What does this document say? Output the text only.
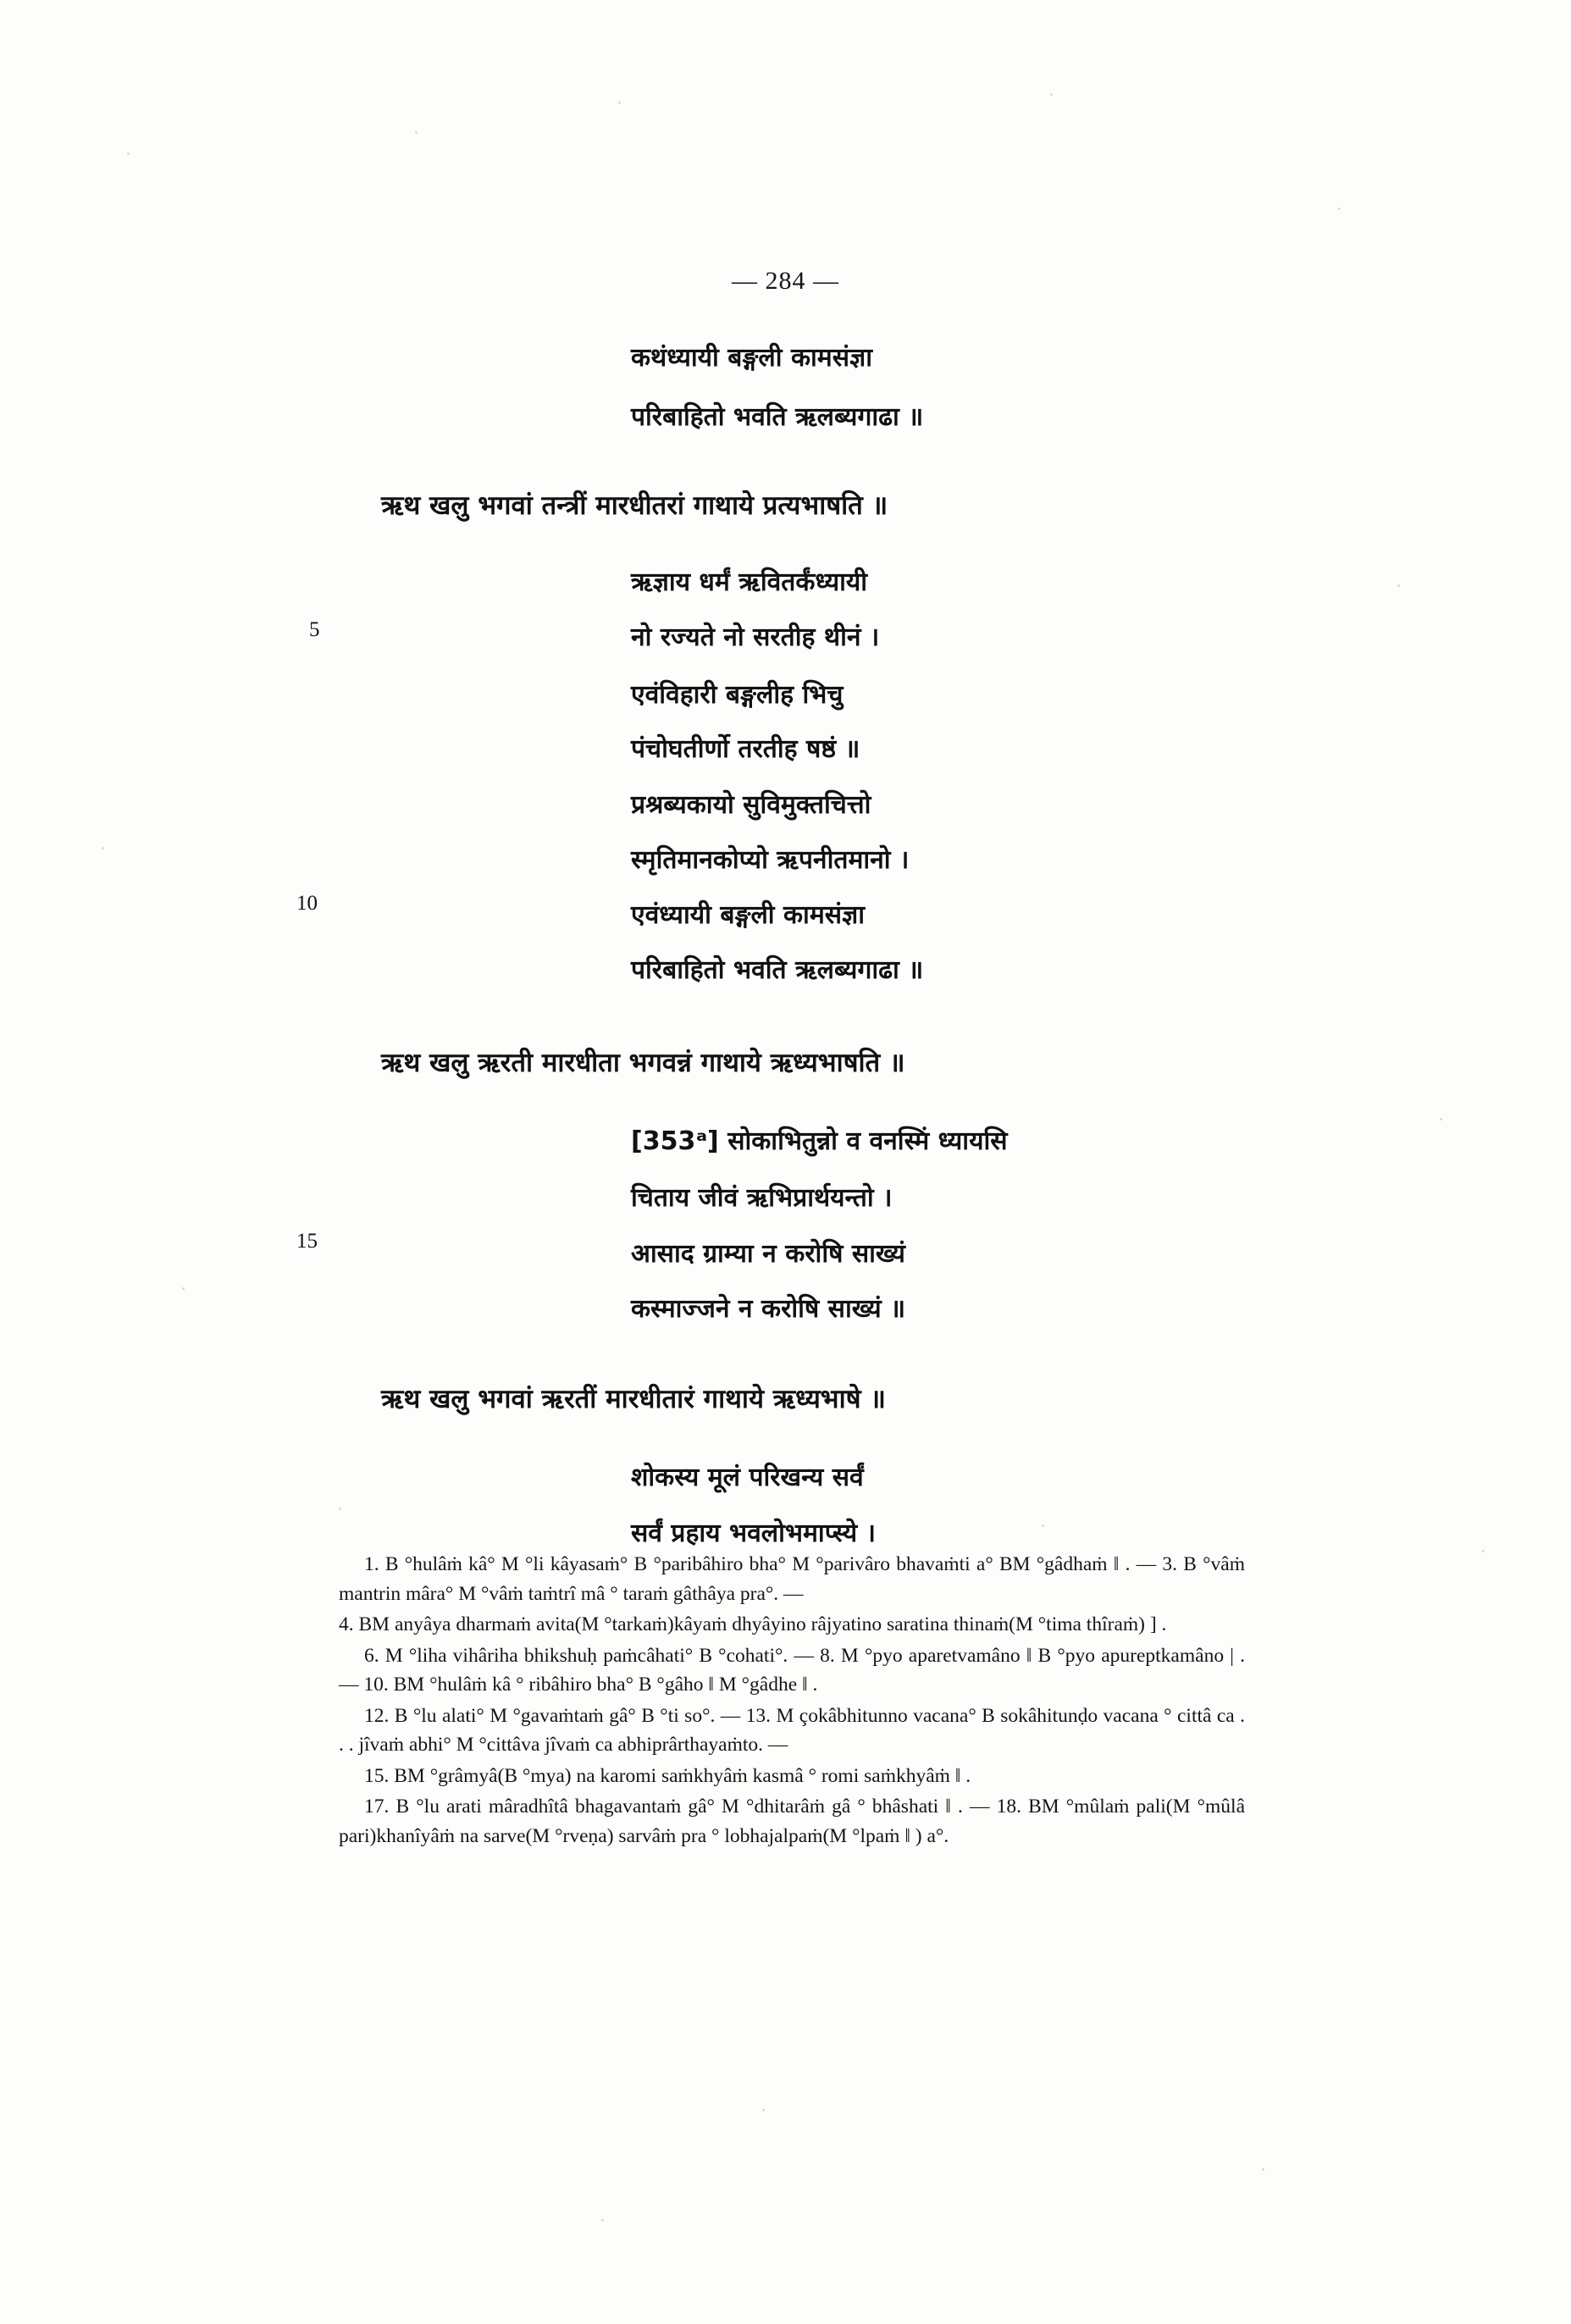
— 284 —
कथंध्यायी बङ्गली कामसंज्ञा
परिबाहितो भवति ऋलब्यगाढा ॥
ऋथ खलु भगवां तन्त्रीं मारधीतरां गाथाये प्रत्यभाषति ॥
ऋज्ञाय धर्मं ऋवितर्कंध्यायी
नो रज्यते नो सरतीह थीनं ।
एवंविहारी बङ्गलीह भिचु
पंचोघतीर्णो तरतीह षष्ठं ॥
प्रश्रब्यकायो सुविमुक्तचित्तो
स्मृतिमानकोप्यो ऋपनीतमानो ।
एवंध्यायी बङ्गली कामसंज्ञा
परिबाहितो भवति ऋलब्यगाढा ॥
ऋथ खलु ऋरती मारधीता भगवन्नं गाथाये ऋध्यभाषति ॥
[353ᵃ] सोकाभितुन्नो व वनस्मिं ध्यायसि
चिताय जीवं ऋभिप्रार्थयन्तो ।
आसाद ग्राम्या न करोषि साख्यं
कस्माज्जने न करोषि साख्यं ॥
ऋथ खलु भगवां ऋरतीं मारधीतारं गाथाये ऋध्यभाषे ॥
शोकस्य मूलं परिखन्य सर्वं
सर्वं प्रहाय भवलोभमाप्स्ये ।
5
10
15

1. B °hulâṁ kâ° M °li kâyasaṁ° B °paribâhiro bha° M °parivâro bhavaṁti a° BM °gâdhaṁ ‖ . — 3. B °vâṁ mantrin mâra° M °vâṁ taṁtrî mâ ° taraṁ gâthâya pra°. —

4. BM anyâya dharmaṁ avita(M °tarkaṁ)kâyaṁ dhyâyino râjyatino saratina thinaṁ(M °tima thîraṁ) ] .

6. M °liha vihâriha bhikshuḥ paṁcâhati° B °cohati°. — 8. M °pyo aparetvamâno ‖ B °pyo apureptkamâno | . — 10. BM °hulâṁ kâ ° ribâhiro bha° B °gâho ‖ M °gâdhe ‖ .

12. B °lu alati° M °gavaṁtaṁ gâ° B °ti so°. — 13. M çokâbhitunno vacana° B sokâhitunḍo vacana ° cittâ ca . . . jîvaṁ abhi° M °cittâva jîvaṁ ca abhiprârthayaṁto. —

15. BM °grâmyâ(B °mya) na karomi saṁkhyâṁ kasmâ ° romi saṁkhyâṁ ‖ .

17. B °lu arati mâradhîtâ bhagavantaṁ gâ° M °dhitarâṁ gâ ° bhâshati ‖ . — 18. BM °mûlaṁ pali(M °mûlâ pari)khanîyâṁ na sarve(M °rveṇa) sarvâṁ pra ° lobhajalpaṁ(M °lpaṁ ‖ ) a°.
